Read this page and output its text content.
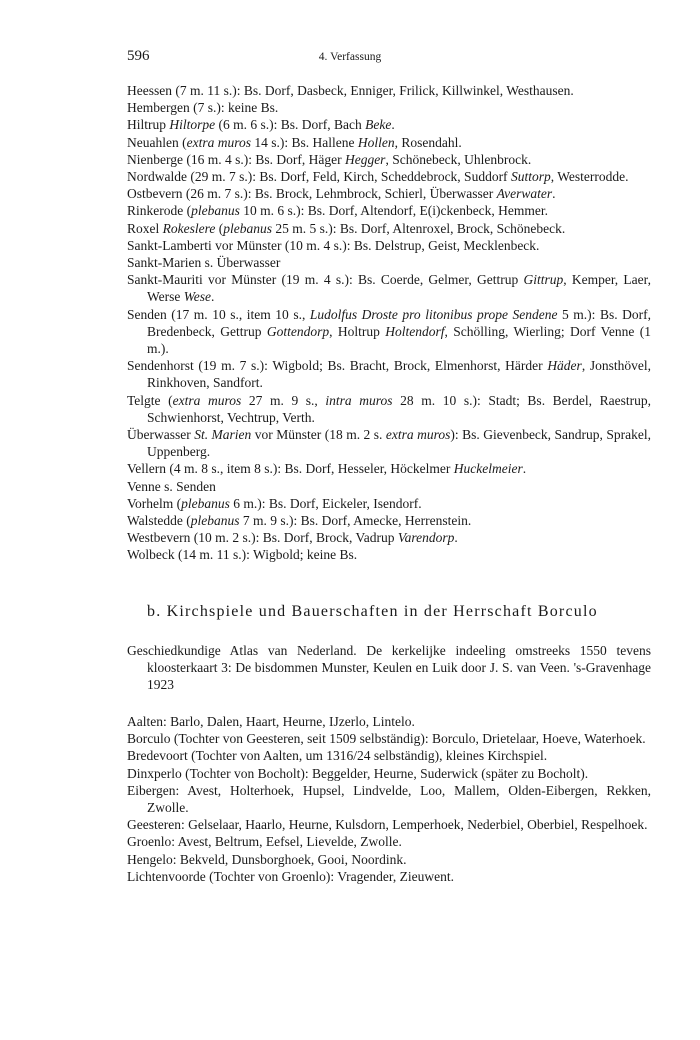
596	4. Verfassung

Heessen (7 m. 11 s.): Bs. Dorf, Dasbeck, Enniger, Frilick, Killwinkel, Westhausen.

Hembergen (7 s.): keine Bs.

Hiltrup Hiltorpe (6 m. 6 s.): Bs. Dorf, Bach Beke.

Neuahlen (extra muros 14 s.): Bs. Hallene Hollen, Rosendahl.

Nienberge (16 m. 4 s.): Bs. Dorf, Häger Hegger, Schönebeck, Uhlenbrock.

Nordwalde (29 m. 7 s.): Bs. Dorf, Feld, Kirch, Scheddebrock, Suddorf Suttorp, Westerrodde.

Ostbevern (26 m. 7 s.): Bs. Brock, Lehmbrock, Schierl, Überwasser Averwater.

Rinkerode (plebanus 10 m. 6 s.): Bs. Dorf, Altendorf, E(i)ckenbeck, Hemmer.

Roxel Rokeslere (plebanus 25 m. 5 s.): Bs. Dorf, Altenroxel, Brock, Schönebeck.

Sankt-Lamberti vor Münster (10 m. 4 s.): Bs. Delstrup, Geist, Mecklenbeck.

Sankt-Marien s. Überwasser

Sankt-Mauriti vor Münster (19 m. 4 s.): Bs. Coerde, Gelmer, Gettrup Gittrup, Kemper, Laer, Werse Wese.

Senden (17 m. 10 s., item 10 s., Ludolfus Droste pro litonibus prope Sendene 5 m.): Bs. Dorf, Bredenbeck, Gettrup Gottendorp, Holtrup Holtendorf, Schölling, Wierling; Dorf Venne (1 m.).

Sendenhorst (19 m. 7 s.): Wigbold; Bs. Bracht, Brock, Elmenhorst, Härder Häder, Jonsthövel, Rinkhoven, Sandfort.

Telgte (extra muros 27 m. 9 s., intra muros 28 m. 10 s.): Stadt; Bs. Berdel, Raestrup, Schwienhorst, Vechtrup, Verth.

Überwasser St. Marien vor Münster (18 m. 2 s. extra muros): Bs. Gievenbeck, Sandrup, Sprakel, Uppenberg.

Vellern (4 m. 8 s., item 8 s.): Bs. Dorf, Hesseler, Höckelmer Huckelmeier.

Venne s. Senden

Vorhelm (plebanus 6 m.): Bs. Dorf, Eickeler, Isendorf.

Walstedde (plebanus 7 m. 9 s.): Bs. Dorf, Amecke, Herrenstein.

Westbevern (10 m. 2 s.): Bs. Dorf, Brock, Vadrup Varendorp.

Wolbeck (14 m. 11 s.): Wigbold; keine Bs.

b. Kirchspiele und Bauerschaften in der Herrschaft Borculo

Geschiedkundige Atlas van Nederland. De kerkelijke indeeling omstreeks 1550 tevens kloosterkaart 3: De bisdommen Munster, Keulen en Luik door J. S. van Veen. 's-Gravenhage 1923

Aalten: Barlo, Dalen, Haart, Heurne, IJzerlo, Lintelo.

Borculo (Tochter von Geesteren, seit 1509 selbständig): Borculo, Drietelaar, Hoeve, Waterhoek.

Bredevoort (Tochter von Aalten, um 1316/24 selbständig), kleines Kirchspiel.

Dinxperlo (Tochter von Bocholt): Beggelder, Heurne, Suderwick (später zu Bocholt).

Eibergen: Avest, Holterhoek, Hupsel, Lindvelde, Loo, Mallem, Olden-Eibergen, Rekken, Zwolle.

Geesteren: Gelselaar, Haarlo, Heurne, Kulsdorn, Lemperhoek, Nederbiel, Oberbiel, Respelhoek.

Groenlo: Avest, Beltrum, Eefsel, Lievelde, Zwolle.

Hengelo: Bekveld, Dunsborghoek, Gooi, Noordink.

Lichtenvoorde (Tochter von Groenlo): Vragender, Zieuwent.
